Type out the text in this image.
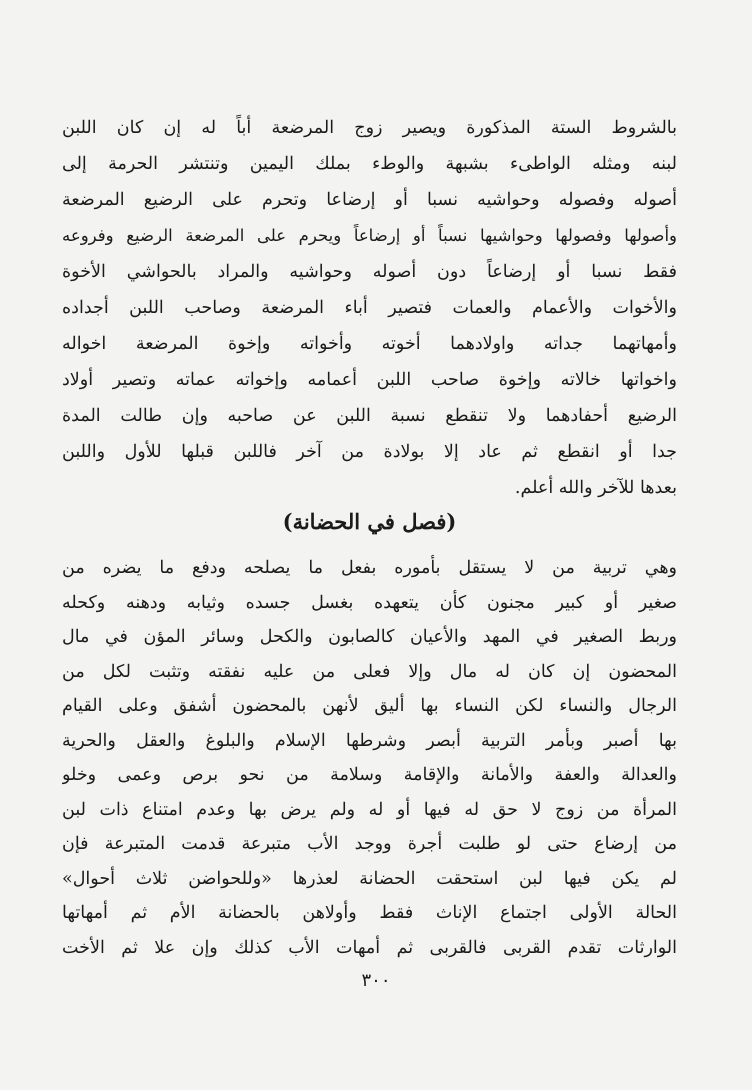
بالشروط الستة المذكورة ويصير زوج المرضعة أباً له إن كان اللبن
لبنه ومثله الواطىء بشبهة والوطء بملك اليمين وتنتشر الحرمة إلى
أصوله وفصوله وحواشيه نسبا أو إرضاعا وتحرم على الرضيع المرضعة
وأصولها وفصولها وحواشيها نسباً أو إرضاعاً ويحرم على المرضعة الرضيع وفروعه
فقط نسبا أو إرضاعاً دون أصوله وحواشيه والمراد بالحواشي الأخوة
والأخوات والأعمام والعمات فتصير أباء المرضعة وصاحب اللبن أجداده
وأمهاتهما جداته واولادهما أخوته وأخواته وإخوة المرضعة اخواله
واخواتها خالاته وإخوة صاحب اللبن أعمامه وإخواته عماته وتصير أولاد
الرضيع أحفادهما ولا تنقطع نسبة اللبن عن صاحبه وإن طالت المدة
جدا أو انقطع ثم عاد إلا بولادة من آخر فاللبن قبلها للأول واللبن
بعدها للآخر والله أعلم.
(فصل في الحضانة)
وهي تربية من لا يستقل بأموره بفعل ما يصلحه ودفع ما يضره من
صغير أو كبير مجنون كأن يتعهده بغسل جسده وثيابه ودهنه وكحله
وربط الصغير في المهد والأعيان كالصابون والكحل وسائر المؤن في مال
المحضون إن كان له مال وإلا فعلى من عليه نفقته وتثبت لكل من
الرجال والنساء لكن النساء بها أليق لأنهن بالمحضون أشفق وعلى القيام
بها أصبر وبأمر التربية أبصر وشرطها الإسلام والبلوغ والعقل والحرية
والعدالة والعفة والأمانة والإقامة وسلامة من نحو برص وعمى وخلو
المرأة من زوج لا حق له فيها أو له ولم يرض بها وعدم امتناع ذات لبن
من إرضاع حتى لو طلبت أجرة ووجد الأب متبرعة قدمت المتبرعة فإن
لم يكن فيها لبن استحقت الحضانة لعذرها «وللحواضن ثلاث أحوال»
الحالة الأولى اجتماع الإناث فقط وأولاهن بالحضانة الأم ثم أمهاتها
الوارثات تقدم القربى فالقربى ثم أمهات الأب كذلك وإن علا ثم الأخت
٣٠٠
